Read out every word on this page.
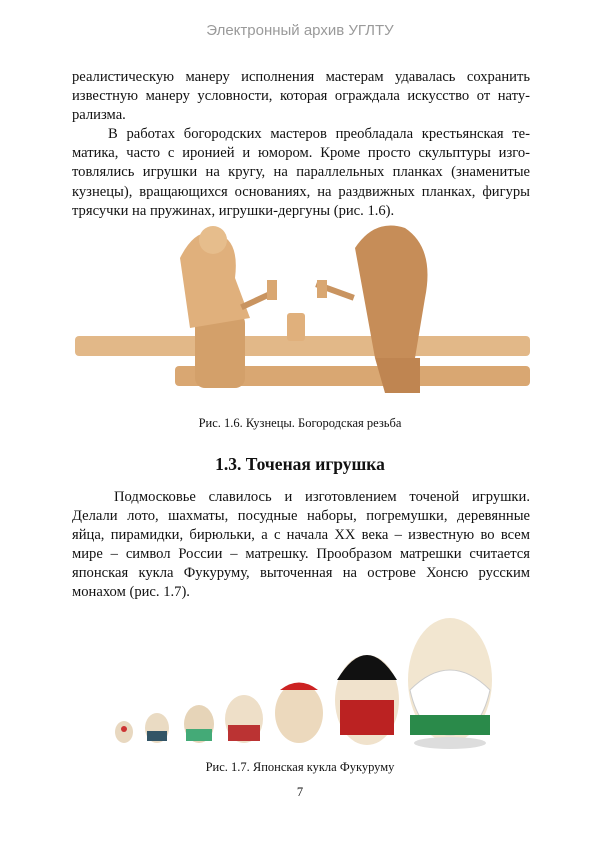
Электронный архив УГЛТУ
реалистическую манеру исполнения мастерам удавалась сохранить
известную манеру условности, которая ограждала искусство от нату-
рализма.
В работах богородских мастеров преобладала крестьянская те-
матика, часто с иронией и юмором. Кроме просто скульптуры изго-
товлялись игрушки на кругу, на параллельных планках (знаменитые
кузнецы), вращающихся основаниях, на раздвижных планках, фигуры
трясучки на пружинах, игрушки-дергуны (рис. 1.6).
Рис. 1.6. Кузнецы. Богородская резьба
1.3. Точеная игрушка
Подмосковье славилось и изготовлением точеной игрушки.
Делали лото, шахматы, посудные наборы, погремушки, деревянные
яйца, пирамидки, бирюльки, а с начала XX века – известную во всем
мире – символ России – матрешку. Прообразом матрешки считается
японская кукла Фукуруму, выточенная на острове Хонсю русским
монахом (рис. 1.7).
Рис. 1.7. Японская кукла Фукуруму
7
